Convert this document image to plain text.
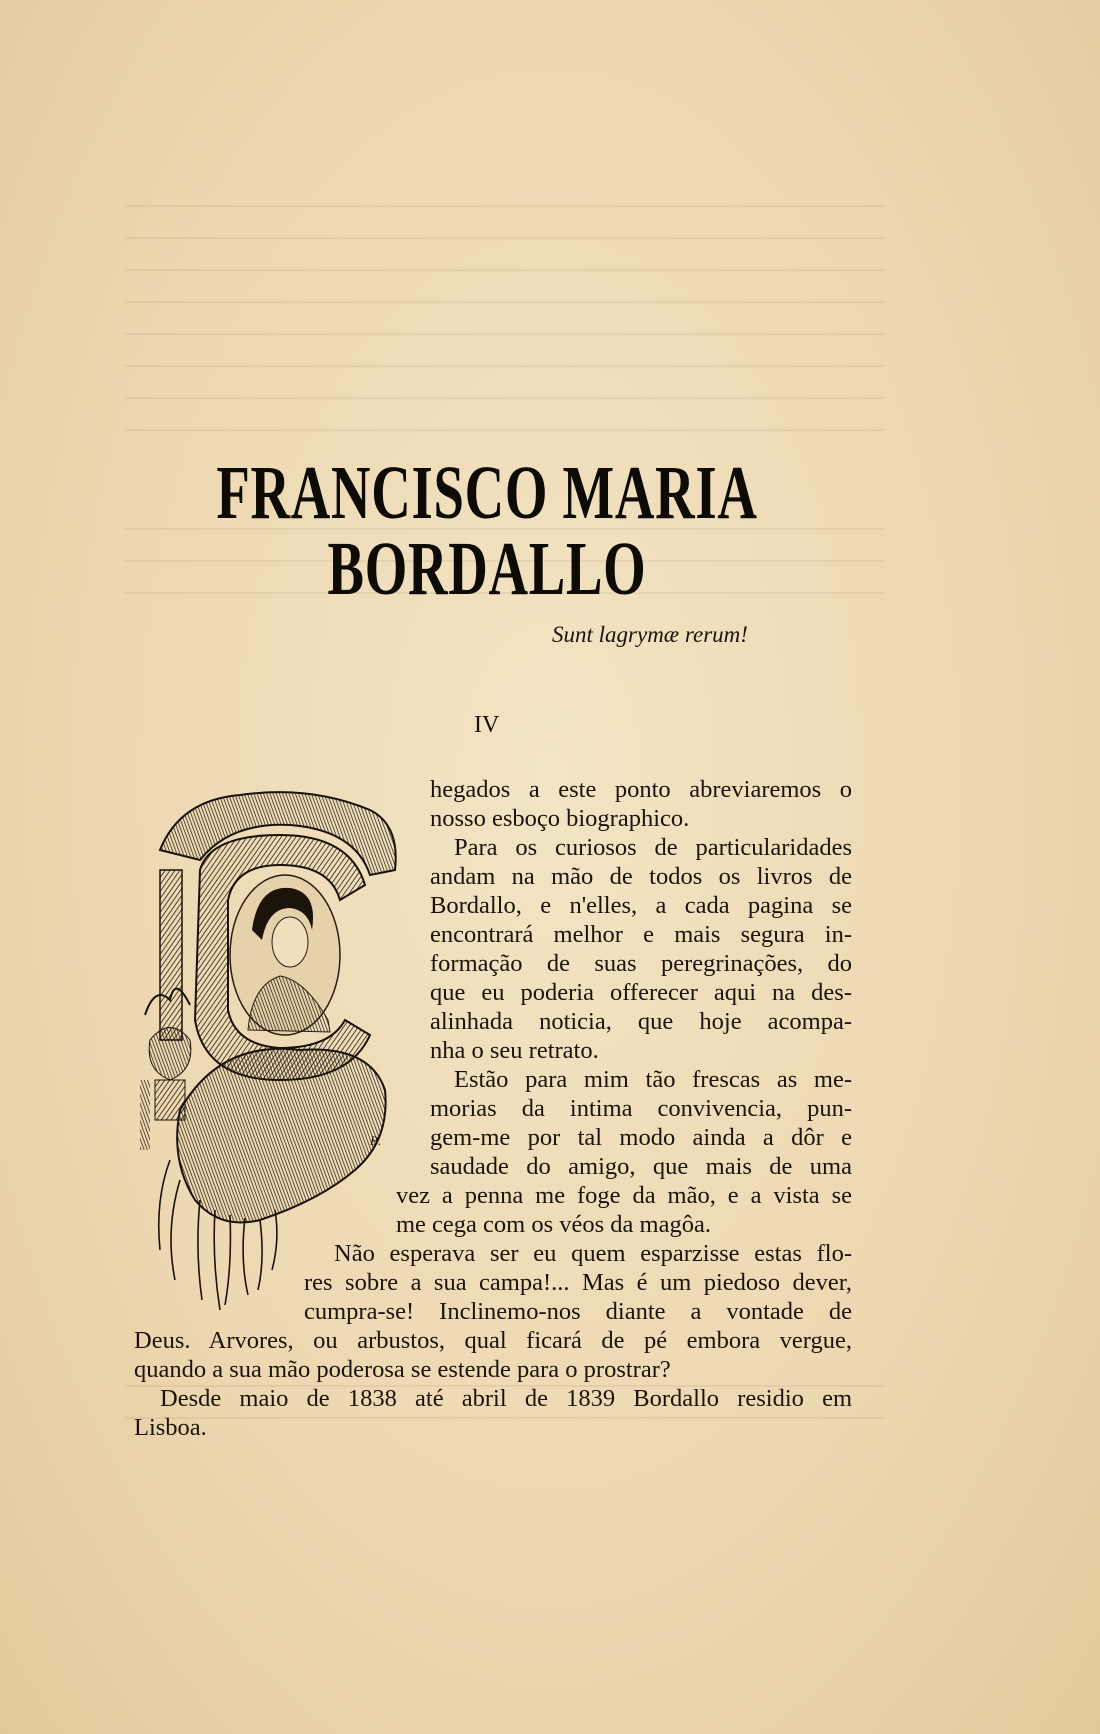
FRANCISCO MARIA BORDALLO
Sunt lagrymæ rerum!
IV
B.
hegados a este ponto abreviaremos o
nosso esboço biographico.
Para os curiosos de particularidades
andam na mão de todos os livros de
Bordallo, e n'elles, a cada pagina se
encontrará melhor e mais segura in-
formação de suas peregrinações, do
que eu poderia offerecer aqui na des-
alinhada noticia, que hoje acompa-
nha o seu retrato.
Estão para mim tão frescas as me-
morias da intima convivencia, pun-
gem-me por tal modo ainda a dôr e
saudade do amigo, que mais de uma
vez a penna me foge da mão, e a vista se
me cega com os véos da magôa.
Não esperava ser eu quem esparzisse estas flo-
res sobre a sua campa!... Mas é um piedoso dever,
cumpra-se! Inclinemo-nos diante a vontade de
Deus. Arvores, ou arbustos, qual ficará de pé embora vergue,
quando a sua mão poderosa se estende para o prostrar?
Desde maio de 1838 até abril de 1839 Bordallo residio em
Lisboa.
